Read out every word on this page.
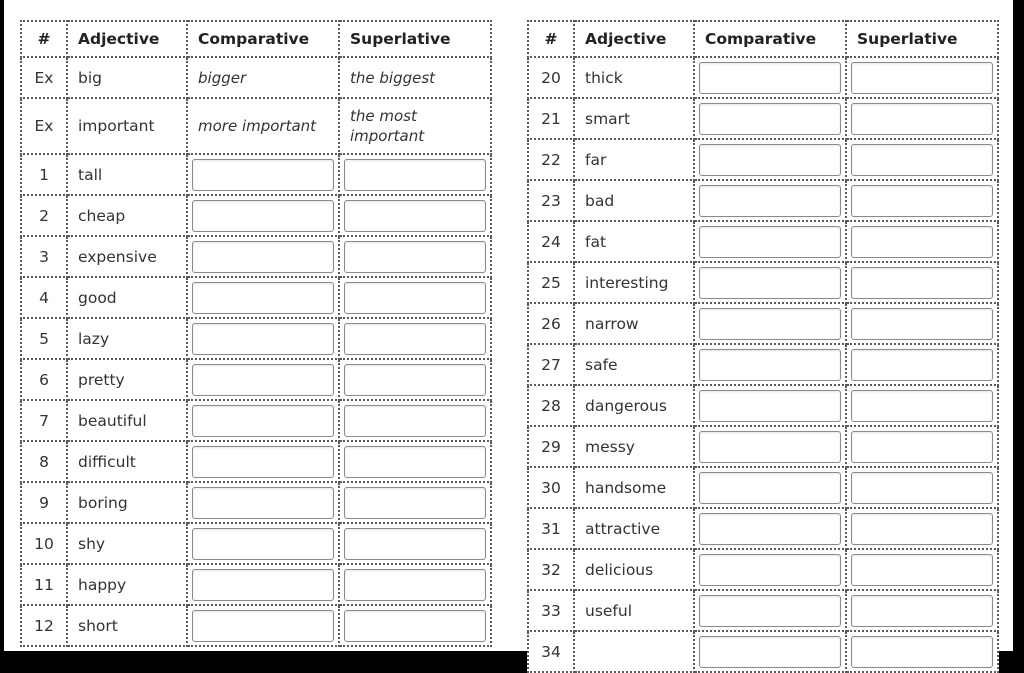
#	Adjective	Comparative	Superlative
Ex	big	bigger	the biggest
Ex	important	more important	the most important
1	tall	

2	cheap	

3	expensive	

4	good	

5	lazy	

6	pretty	

7	beautiful	

8	difficult	

9	boring	

10	shy	

11	happy	

12	short	

#	Adjective	Comparative	Superlative
20	thick	

21	smart	

22	far	

23	bad	

24	fat	

25	interesting	

26	narrow	

27	safe	

28	dangerous	

29	messy	

30	handsome	

31	attractive	

32	delicious	

33	useful	

34		
